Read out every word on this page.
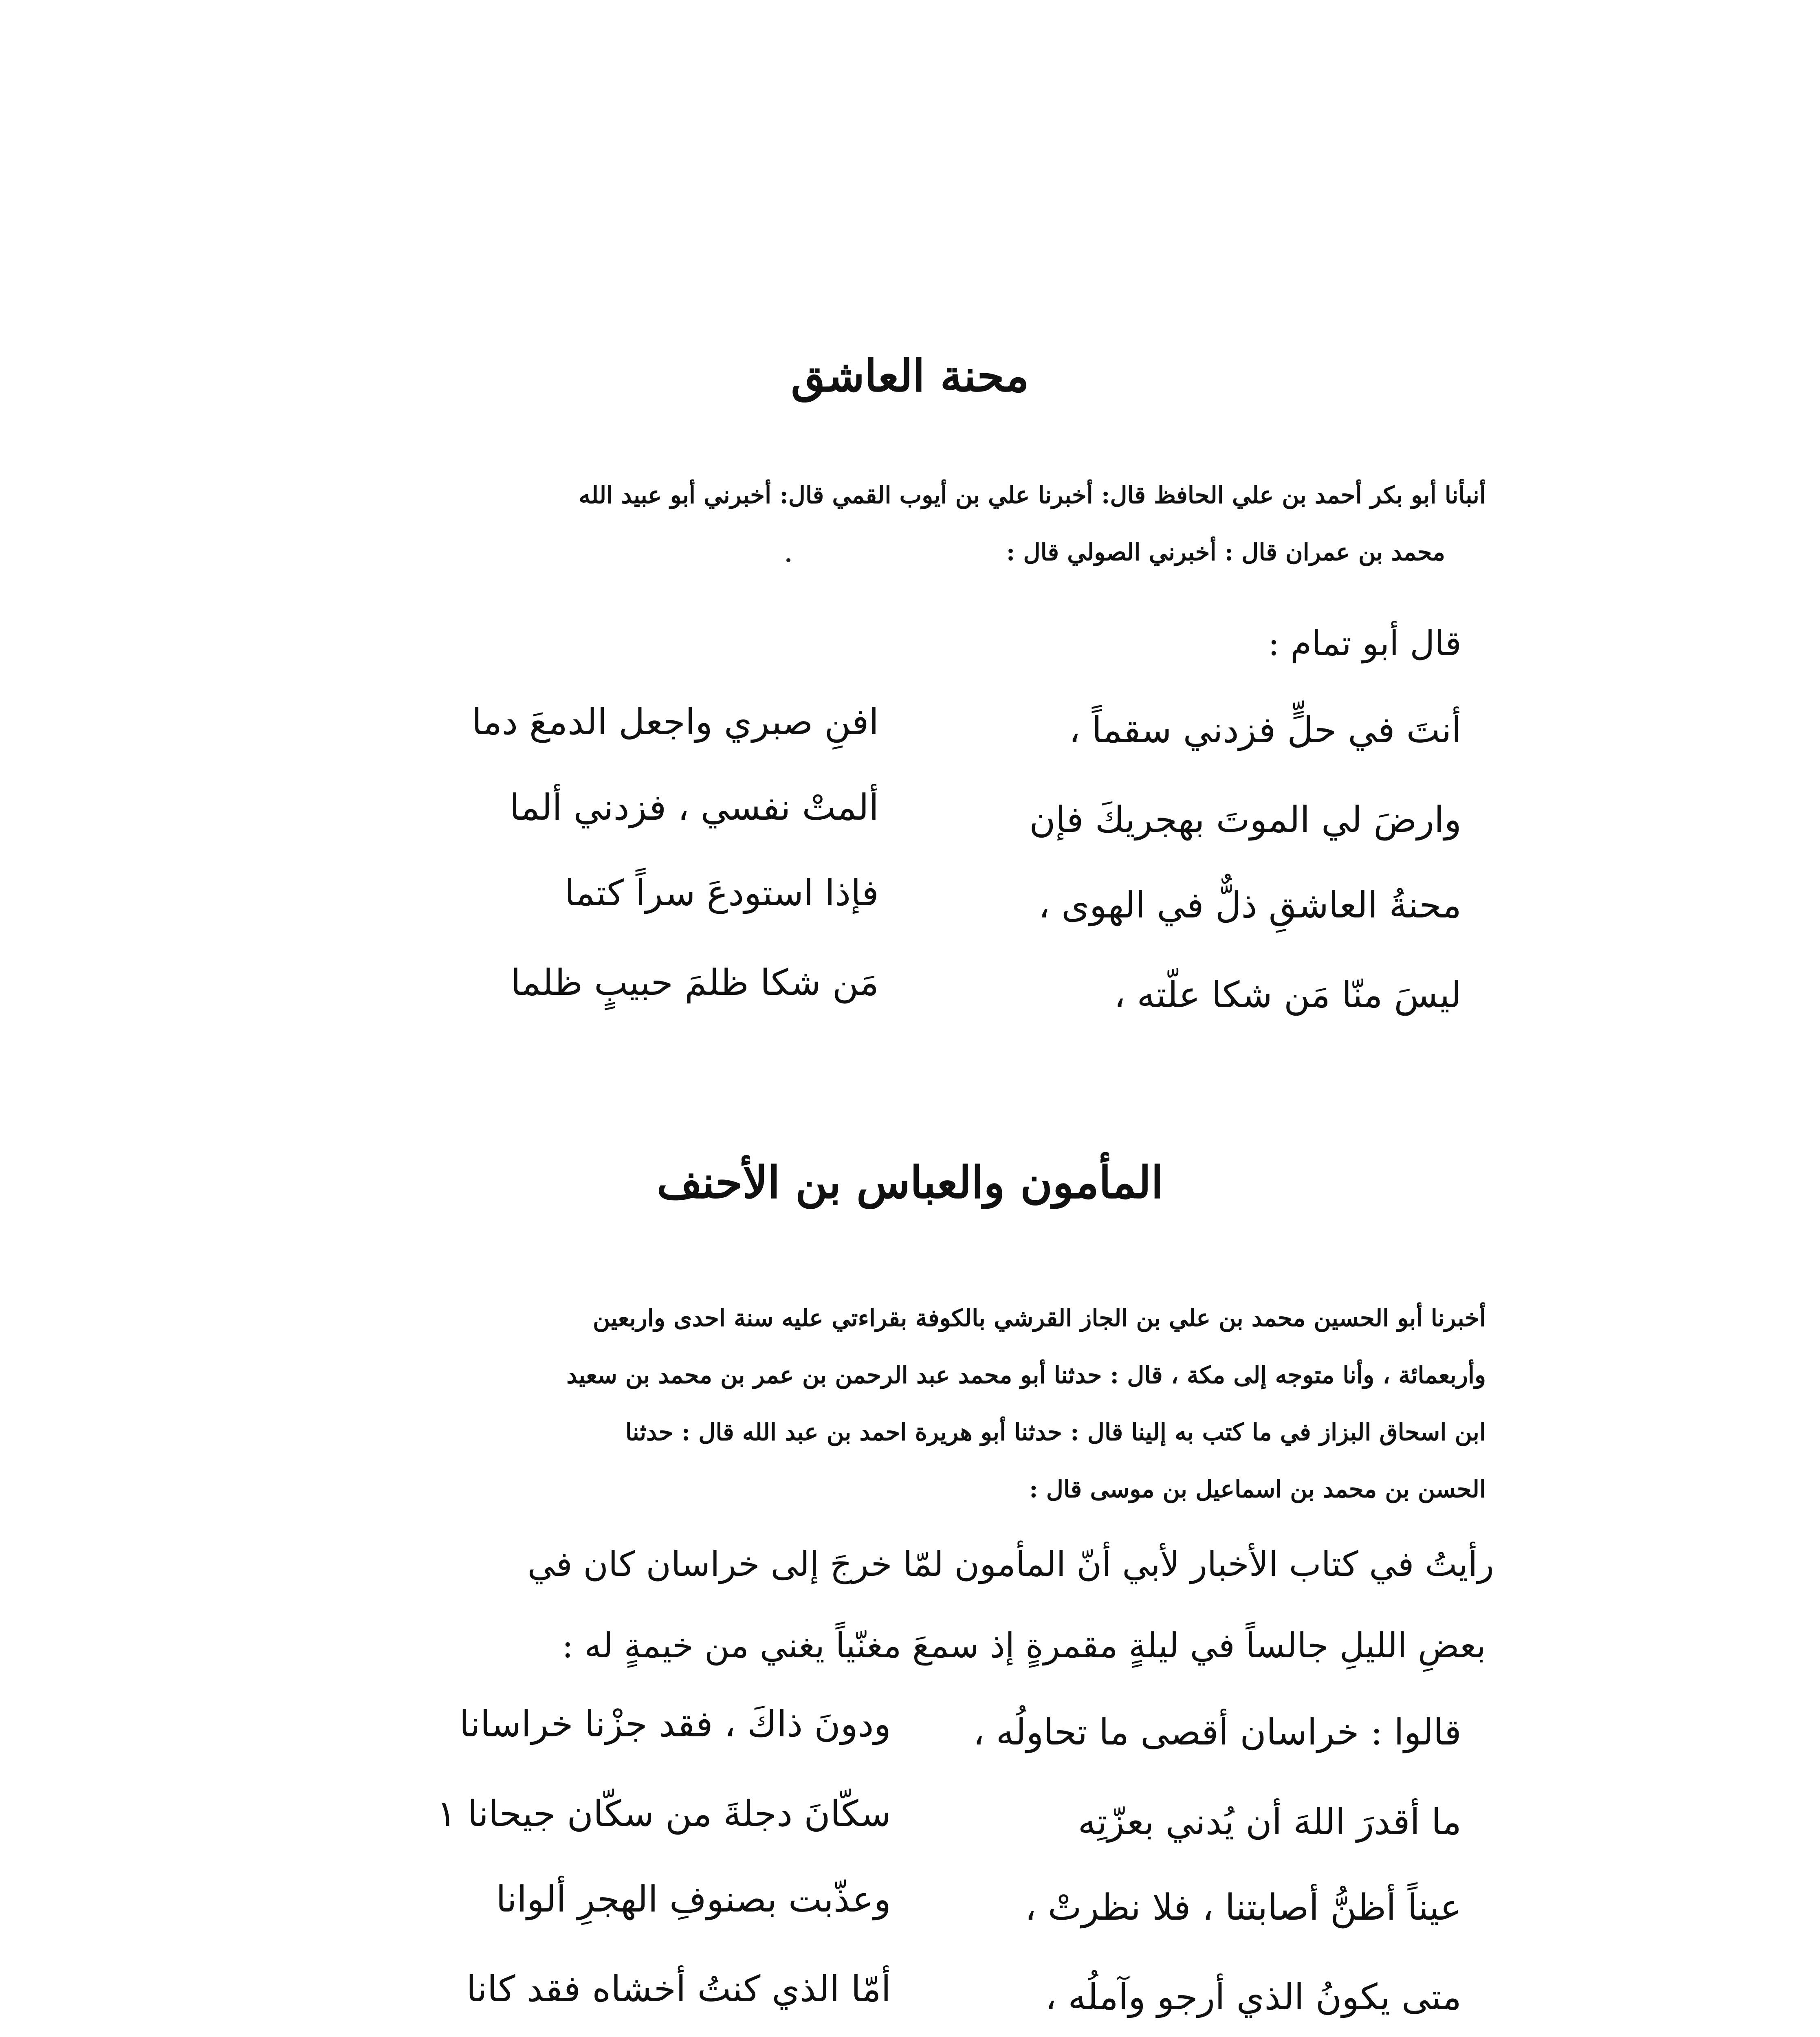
محنة العاشق
أنبأنا أبو بكر أحمد بن علي الحافظ قال: أخبرنا علي بن أيوب القمي قال: أخبرني أبو عبيد الله
محمد بن عمران قال : أخبرني الصولي قال :
قال أبو تمام :
أنتَ في حلٍّ فزدني سقماً ،
افنِ صبري واجعل الدمعَ دما
وارضَ لي الموتَ بهجريكَ فإن
ألمتْ نفسي ، فزدني ألما
محنةُ العاشقِ ذلٌّ في الهوى ،
فإذا استودعَ سراً كتما
ليسَ منّا مَن شكا علّته ،
مَن شكا ظلمَ حبيبٍ ظلما
المأمون والعباس بن الأحنف
أخبرنا أبو الحسين محمد بن علي بن الجاز القرشي بالكوفة بقراءتي عليه سنة احدى واربعين
وأربعمائة ، وأنا متوجه إلى مكة ، قال : حدثنا أبو محمد عبد الرحمن بن عمر بن محمد بن سعيد
ابن اسحاق البزاز في ما كتب به إلينا قال : حدثنا أبو هريرة احمد بن عبد الله قال : حدثنا
الحسن بن محمد بن اسماعيل بن موسى قال :
رأيتُ في كتاب الأخبار لأبي أنّ المأمون لمّا خرجَ إلى خراسان كان في
بعضِ الليلِ جالساً في ليلةٍ مقمرةٍ إذ سمعَ مغنّياً يغني من خيمةٍ له :
قالوا : خراسان أقصى ما تحاولُه ،
ودونَ ذاكَ ، فقد جزْنا خراسانا
ما أقدرَ اللهَ أن يُدني بعزّتِه
سكّانَ دجلةَ من سكّان جيحانا ١
عيناً أظنُّ أصابتنا ، فلا نظرتْ ،
وعذّبت بصنوفِ الهجرِ ألوانا
متى يكونُ الذي أرجو وآملُه ،
أمّا الذي كنتُ أخشاه فقد كانا
